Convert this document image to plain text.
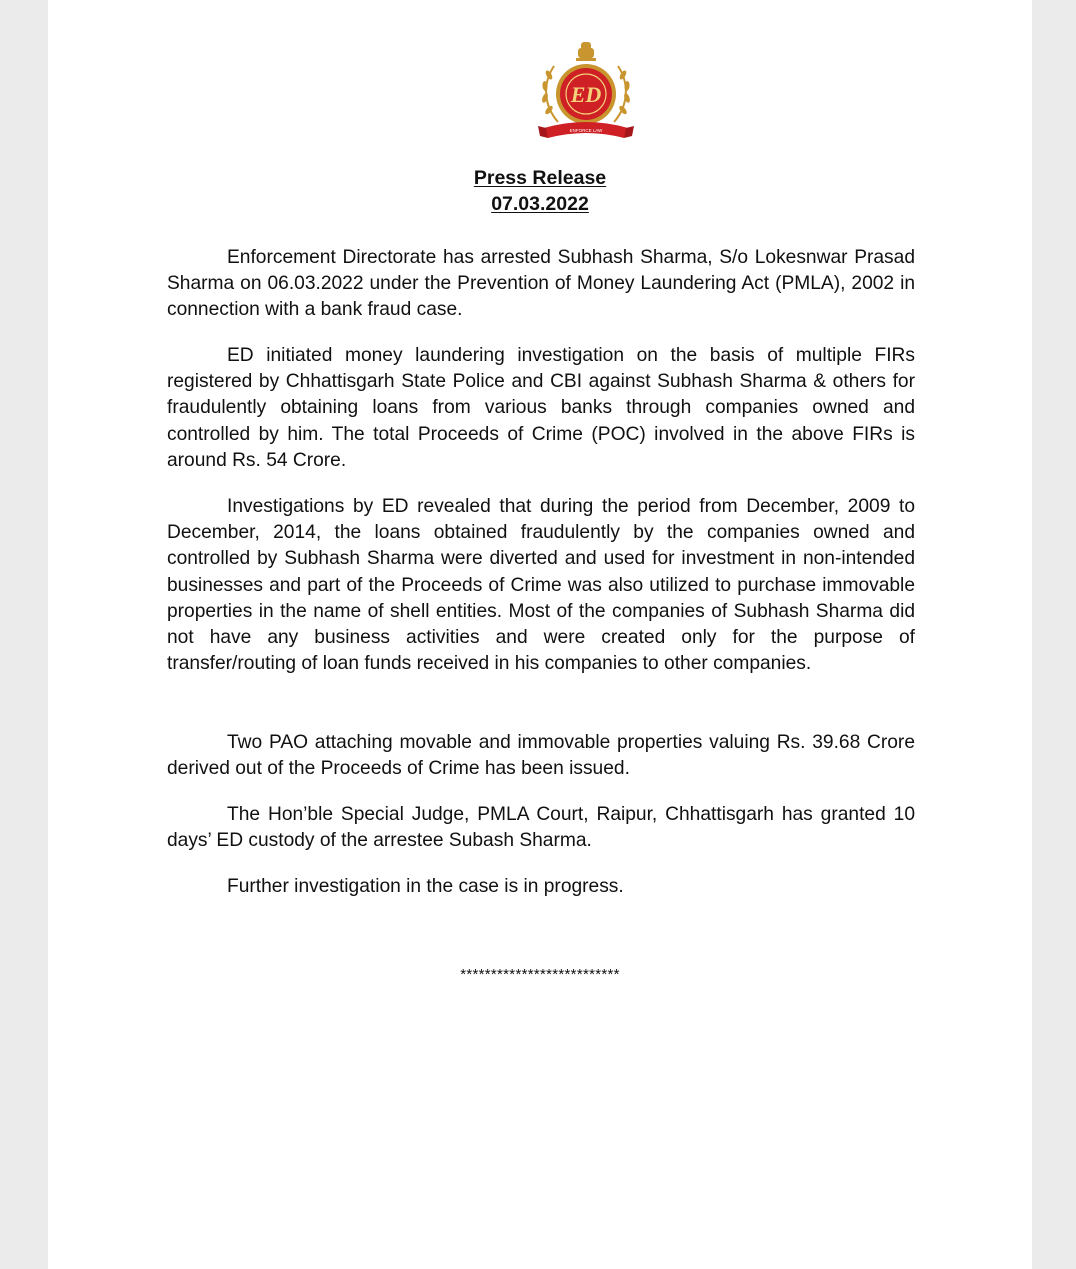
ED
ENFORCE LAW
Press Release
07.03.2022

Enforcement Directorate has arrested Subhash Sharma, S/o Lokesnwar Prasad Sharma on 06.03.2022 under the Prevention of Money Laundering Act (PMLA), 2002 in connection with a bank fraud case.

ED initiated money laundering investigation on the basis of multiple FIRs registered by Chhattisgarh State Police and CBI against Subhash Sharma & others for fraudulently obtaining loans from various banks through companies owned and controlled by him. The total Proceeds of Crime (POC) involved in the above FIRs is around Rs. 54 Crore.

Investigations by ED revealed that during the period from December, 2009 to December, 2014, the loans obtained fraudulently by the companies owned and controlled by Subhash Sharma were diverted and used for investment in non-intended businesses and part of the Proceeds of Crime was also utilized to purchase immovable properties in the name of shell entities. Most of the companies of Subhash Sharma did not have any business activities and were created only for the purpose of transfer/routing of loan funds received in his companies to other companies.

Two PAO attaching movable and immovable properties valuing Rs. 39.68 Crore derived out of the Proceeds of Crime has been issued.

The Hon’ble Special Judge, PMLA Court, Raipur, Chhattisgarh has granted 10 days’ ED custody of the arrestee Subash Sharma.

Further investigation in the case is in progress.

**************************
